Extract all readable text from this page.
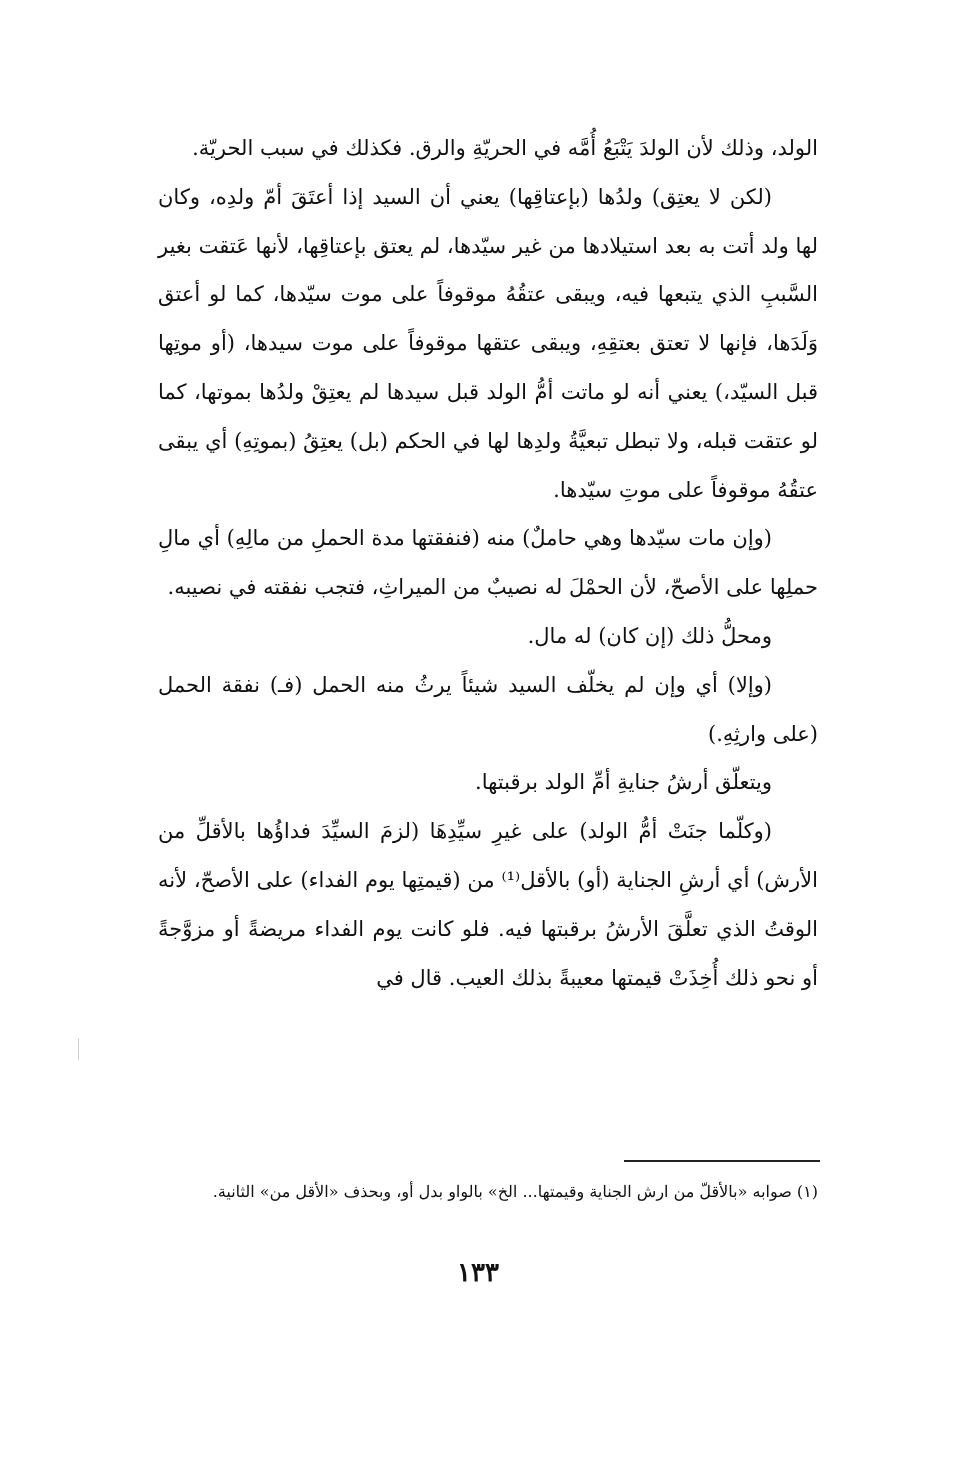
الولد، وذلك لأن الولدَ يَتْبَعُ أُمَّه في الحريّةِ والرق. فكذلك في سبب الحريّة.

(لكن لا يعتِق) ولدُها (بإعتاقِها) يعني أن السيد إذا أعتَقَ أمّ ولدِه، وكان لها ولد أتت به بعد استيلادها من غير سيّدها، لم يعتق بإعتاقِها، لأنها عَتقت بغير السَّببِ الذي يتبعها فيه، ويبقى عتقُهُ موقوفاً على موت سيّدها، كما لو أعتق وَلَدَها، فإنها لا تعتق بعتقِهِ، ويبقى عتقها موقوفاً على موت سيدها، (أو موتِها قبل السيّد،) يعني أنه لو ماتت أمُّ الولد قبل سيدها لم يعتِقْ ولدُها بموتها، كما لو عتقت قبله، ولا تبطل تبعيَّةُ ولدِها لها في الحكم (بل) يعتِقُ (بموتِهِ) أي يبقى عتقُهُ موقوفاً على موتِ سيّدها.

(وإن مات سيّدها وهي حاملٌ) منه (فنفقتها مدة الحملِ من مالِهِ) أي مالِ حملِها على الأصحّ، لأن الحمْلَ له نصيبٌ من الميراثِ، فتجب نفقته في نصيبه.

ومحلُّ ذلك (إن كان) له مال.

(وإلا) أي وإن لم يخلّف السيد شيئاً يرثُ منه الحمل (فـ) نفقة الحمل (على وارثِهِ.)

ويتعلّق أرشُ جنايةِ أمِّ الولد برقبتها.

(وكلّما جنَتْ أمُّ الولد) على غيرِ سيِّدِهَا (لزمَ السيِّدَ فداؤُها بالأقلِّ من الأرش) أي أرشِ الجناية (أو) بالأقل⁽¹⁾ من (قيمتِها يوم الفداء) على الأصحّ، لأنه الوقتُ الذي تعلَّقَ الأرشُ برقبتها فيه. فلو كانت يوم الفداء مريضةً أو مزوَّجةً أو نحو ذلك أُخِذَتْ قيمتها معيبةً بذلك العيب. قال في

(١) صوابه «بالأقلّ من ارش الجناية وقيمتها... الخ» بالواو بدل أو، وبحذف «الأقل من» الثانية.

١٣٣
